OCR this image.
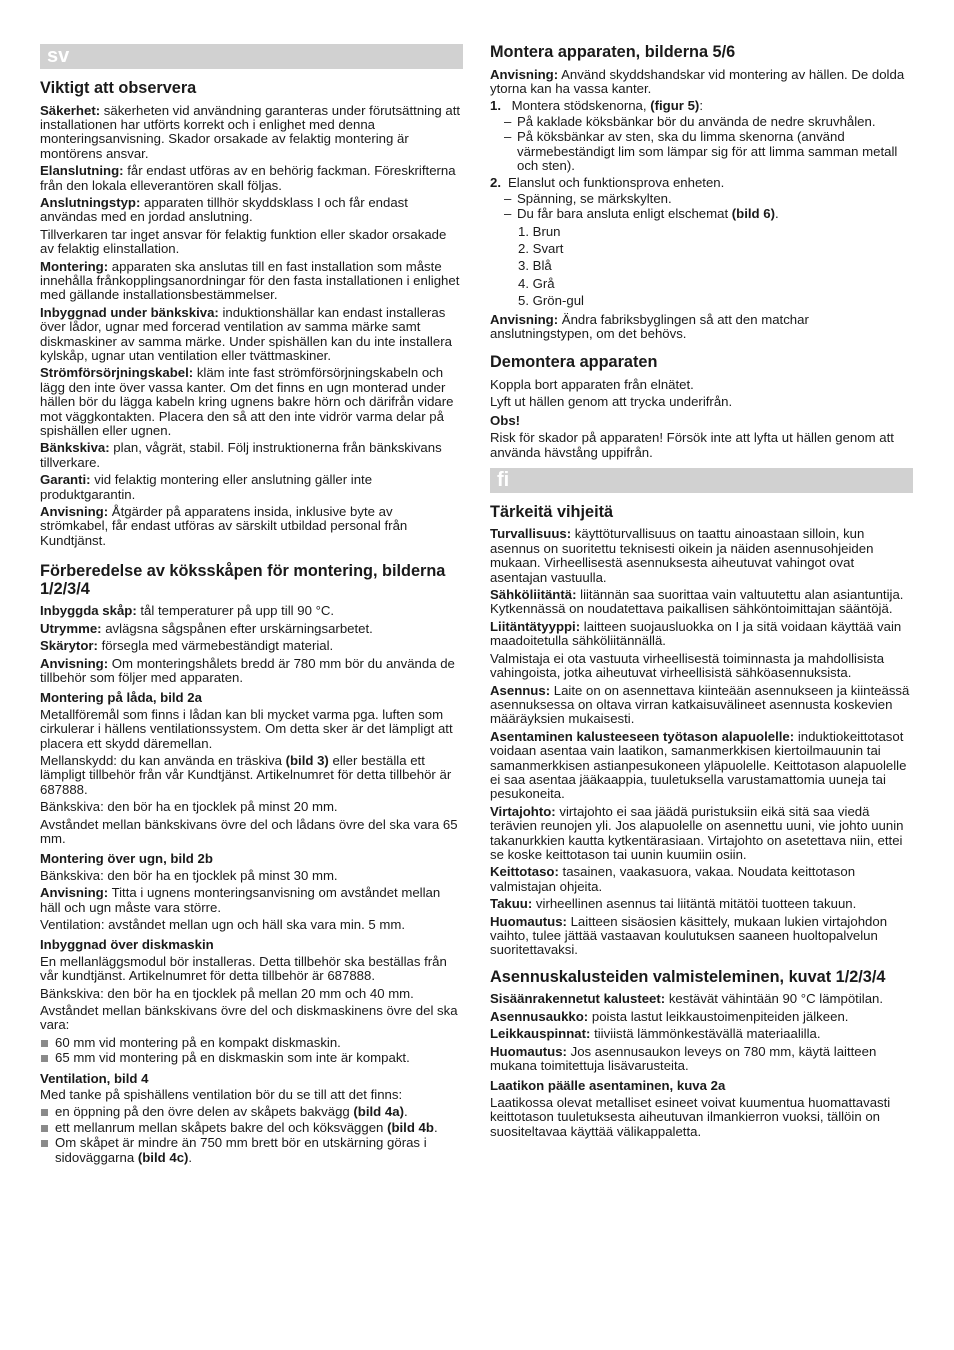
sv
Viktigt att observera

Säkerhet: säkerheten vid användning garanteras under förutsättning att installationen har utförts korrekt och i enlighet med denna monteringsanvisning. Skador orsakade av felaktig montering är montörens ansvar.

Elanslutning: får endast utföras av en behörig fackman. Föreskrifterna från den lokala elleverantören skall följas.

Anslutningstyp: apparaten tillhör skyddsklass I och får endast användas med en jordad anslutning.

Tillverkaren tar inget ansvar för felaktig funktion eller skador orsakade av felaktig elinstallation.

Montering: apparaten ska anslutas till en fast installation som måste innehålla frånkopplingsanordningar för den fasta installationen i enlighet med gällande installationsbestämmelser.

Inbyggnad under bänkskiva: induktionshällar kan endast installeras över lådor, ugnar med forcerad ventilation av samma märke samt diskmaskiner av samma märke. Under spishällen kan du inte installera kylskåp, ugnar utan ventilation eller tvättmaskiner.

Strömförsörjningskabel: kläm inte fast strömförsörjningskabeln och lägg den inte över vassa kanter. Om det finns en ugn monterad under hällen bör du lägga kabeln kring ugnens bakre hörn och därifrån vidare mot väggkontakten. Placera den så att den inte vidrör varma delar på spishällen eller ugnen.

Bänkskiva: plan, vågrät, stabil. Följ instruktionerna från bänkskivans tillverkare.

Garanti: vid felaktig montering eller anslutning gäller inte produktgarantin.

Anvisning: Åtgärder på apparatens insida, inklusive byte av strömkabel, får endast utföras av särskilt utbildad personal från Kundtjänst.

Förberedelse av köksskåpen för montering, bilderna 1/2/3/4

Inbyggda skåp: tål temperaturer på upp till 90 °C.

Utrymme: avlägsna sågspånen efter urskärningsarbetet.

Skärytor: försegla med värmebeständigt material.

Anvisning: Om monteringshålets bredd är 780 mm bör du använda de tillbehör som följer med apparaten.

Montering på låda, bild 2a

Metallföremål som finns i lådan kan bli mycket varma pga. luften som cirkulerar i hällens ventilationssystem. Om detta sker är det lämpligt att placera ett skydd däremellan.

Mellanskydd: du kan använda en träskiva (bild 3) eller beställa ett lämpligt tillbehör från vår Kundtjänst. Artikelnumret för detta tillbehör är 687888.

Bänkskiva: den bör ha en tjocklek på minst 20 mm.

Avståndet mellan bänkskivans övre del och lådans övre del ska vara 65 mm.

Montering över ugn, bild 2b

Bänkskiva: den bör ha en tjocklek på minst 30 mm.

Anvisning: Titta i ugnens monteringsanvisning om avståndet mellan häll och ugn måste vara större.

Ventilation: avståndet mellan ugn och häll ska vara min. 5 mm.

Inbyggnad över diskmaskin

En mellanläggsmodul bör installeras. Detta tillbehör ska beställas från vår kundtjänst. Artikelnumret för detta tillbehör är 687888.

Bänkskiva: den bör ha en tjocklek på mellan 20 mm och 40 mm.

Avståndet mellan bänkskivans övre del och diskmaskinens övre del ska vara:

60 mm vid montering på en kompakt diskmaskin.
65 mm vid montering på en diskmaskin som inte är kompakt.
Ventilation, bild 4

Med tanke på spishällens ventilation bör du se till att det finns:

en öppning på den övre delen av skåpets bakvägg (bild 4a).
ett mellanrum mellan skåpets bakre del och köksväggen (bild 4b.
Om skåpet är mindre än 750 mm brett bör en utskärning göras i sidoväggarna (bild 4c).
Montera apparaten, bilderna 5/6

Anvisning: Använd skyddshandskar vid montering av hällen. De dolda ytorna kan ha vassa kanter.

1. Montera stödskenorna, (figur 5):
– På kaklade köksbänkar bör du använda de nedre skruvhålen.
– På köksbänkar av sten, ska du limma skenorna (använd värmebeständigt lim som lämpar sig för att limma samman metall och sten).
2. Elanslut och funktionsprova enheten.
– Spänning, se märkskylten.
– Du får bara ansluta enligt elschemat (bild 6).
1. Brun
2. Svart
3. Blå
4. Grå
5. Grön-gul

Anvisning: Ändra fabriksbyglingen så att den matchar anslutningstypen, om det behövs.

Demontera apparaten

Koppla bort apparaten från elnätet.

Lyft ut hällen genom att trycka underifrån.

Obs!

Risk för skador på apparaten! Försök inte att lyfta ut hällen genom att använda hävstång uppifrån.

fi
Tärkeitä vihjeitä

Turvallisuus: käyttöturvallisuus on taattu ainoastaan silloin, kun asennus on suoritettu teknisesti oikein ja näiden asennusohjeiden mukaan. Virheellisestä asennuksesta aiheutuvat vahingot ovat asentajan vastuulla.

Sähköliitäntä: liitännän saa suorittaa vain valtuutettu alan asiantuntija. Kytkennässä on noudatettava paikallisen sähköntoimittajan sääntöjä.

Liitäntätyyppi: laitteen suojausluokka on I ja sitä voidaan käyttää vain maadoitetulla sähköliitännällä.

Valmistaja ei ota vastuuta virheellisestä toiminnasta ja mahdollisista vahingoista, jotka aiheutuvat virheellisistä sähköasennuksista.

Asennus: Laite on on asennettava kiinteään asennukseen ja kiinteässä asennuksessa on oltava virran katkaisuvälineet asennusta koskevien määräyksien mukaisesti.

Asentaminen kalusteeseen työtason alapuolelle: induktiokeittotasot voidaan asentaa vain laatikon, samanmerkkisen kiertoilmauunin tai samanmerkkisen astianpesukoneen yläpuolelle. Keittotason alapuolelle ei saa asentaa jääkaappia, tuuletuksella varustamattomia uuneja tai pesukoneita.

Virtajohto: virtajohto ei saa jäädä puristuksiin eikä sitä saa viedä terävien reunojen yli. Jos alapuolelle on asennettu uuni, vie johto uunin takanurkkien kautta kytkentärasiaan. Virtajohto on asetettava niin, ettei se koske keittotason tai uunin kuumiin osiin.

Keittotaso: tasainen, vaakasuora, vakaa. Noudata keittotason valmistajan ohjeita.

Takuu: virheellinen asennus tai liitäntä mitätöi tuotteen takuun.

Huomautus: Laitteen sisäosien käsittely, mukaan lukien virtajohdon vaihto, tulee jättää vastaavan koulutuksen saaneen huoltopalvelun suoritettavaksi.

Asennuskalusteiden valmisteleminen, kuvat 1/2/3/4

Sisäänrakennetut kalusteet: kestävät vähintään 90 °C lämpötilan.

Asennusaukko: poista lastut leikkaustoimenpiteiden jälkeen.

Leikkauspinnat: tiiviistä lämmönkestävällä materiaalilla.

Huomautus: Jos asennusaukon leveys on 780 mm, käytä laitteen mukana toimitettuja lisävarusteita.

Laatikon päälle asentaminen, kuva 2a

Laatikossa olevat metalliset esineet voivat kuumentua huomattavasti keittotason tuuletuksesta aiheutuvan ilmankierron vuoksi, tällöin on suositeltavaa käyttää välikappaletta.
